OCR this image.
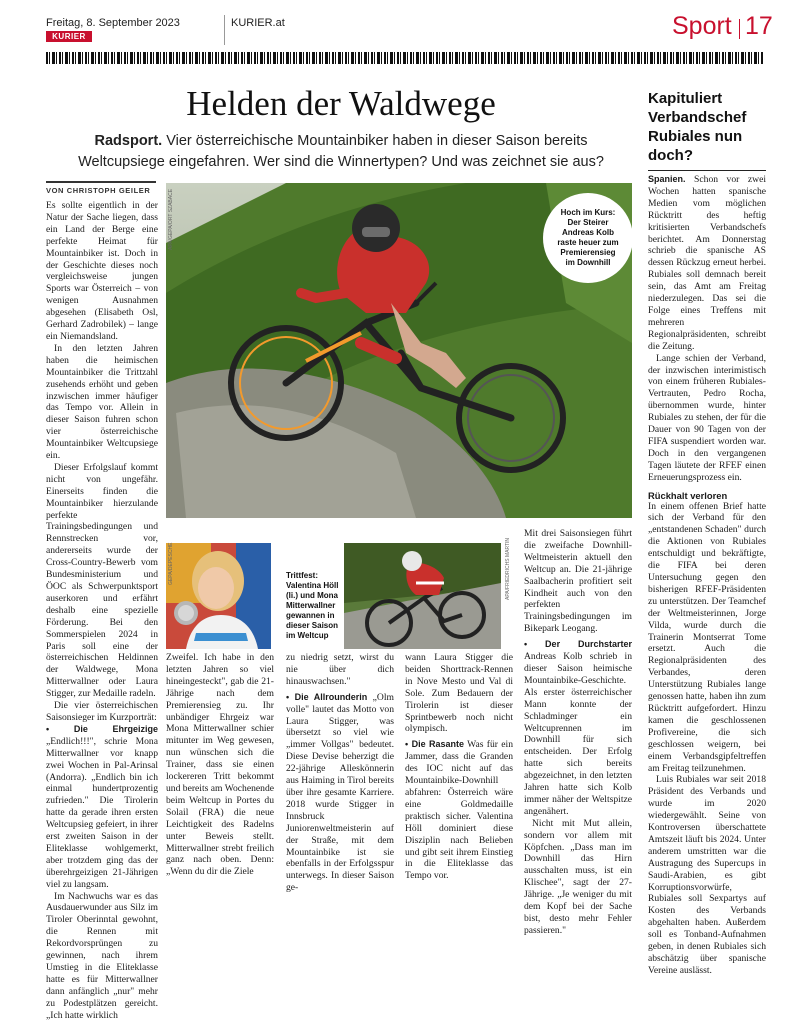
Freitag, 8. September 2023
KURIER
KURIER.at	Sport 17
Helden der Waldwege
Radsport. Vier österreichische Mountainbiker haben in dieser Saison bereits Weltcupsiege eingefahren. Wer sind die Winnertypen? Und was zeichnet sie aus?
VON CHRISTOPH GEILER

Es sollte eigentlich in der Natur der Sache liegen, dass ein Land der Berge eine perfekte Heimat für Mountainbiker ist. Doch in der Geschichte dieses noch vergleichsweise jungen Sports war Österreich – von wenigen Ausnahmen abgesehen (Elisabeth Osl, Gerhard Zadrobilek) – lange ein Niemandsland.

In den letzten Jahren haben die heimischen Mountainbiker die Trittzahl zusehends erhöht und geben inzwischen immer häufiger das Tempo vor. Allein in dieser Saison fuhren schon vier österreichische Mountainbiker Weltcupsiege ein.

Dieser Erfolgslauf kommt nicht von ungefähr. Einerseits finden die Mountainbiker hierzulande perfekte Trainingsbedingungen und Rennstrecken vor, andererseits wurde der Cross-Country-Bewerb vom Bundesministerium und ÖOC als Schwerpunktsport auserkoren und erfährt deshalb eine spezielle Förderung. Bei den Sommerspielen 2024 in Paris soll eine der österreichischen Heldinnen der Waldwege, Mona Mitterwallner oder Laura Stigger, zur Medaille radeln.

Die vier österreichischen Saisonsieger im Kurzporträt:

• Die Ehrgeizige „Endlich!!!", schrie Mona Mitterwallner vor knapp zwei Wochen in Pal-Arinsal (Andorra). „Endlich bin ich einmal hundertprozentig zufrieden." Die Tirolerin hatte da gerade ihren ersten Weltcupsieg gefeiert, in ihrer erst zweiten Saison in der Eliteklasse wohlgemerkt, aber trotzdem ging das der überehrgeizigen 21-Jährigen viel zu langsam.

Im Nachwuchs war es das Ausdauerwunder aus Silz im Tiroler Oberinntal gewohnt, die Rennen mit Rekordvorsprüngen zu gewinnen, nach ihrem Umstieg in die Eliteklasse hatte es für Mitterwallner dann anfänglich „nur" mehr zu Podestplätzen gereicht. „Ich hatte wirklich

APA/GEPA/ORT SZABACE	Hoch im Kurs: Der Steirer Andreas Kolb raste heuer zum Premierensieg im Downhill
GEPA/DEPESCHE	Trittfest: Valentina Höll (li.) und Mona Mitterwallner gewannen in dieser Saison im Weltcup
APA/FRIEDRICHS MARTIN

Zweifel. Ich habe in den letzten Jahren so viel hineingesteckt", gab die 21-Jährige nach dem Premierensieg zu. Ihr unbändiger Ehrgeiz war Mona Mitterwallner schier mitunter im Weg gewesen, nun wünschen sich die Trainer, dass sie einen lockereren Tritt bekommt und bereits am Wochenende beim Weltcup in Portes du Solail (FRA) die neue Leichtigkeit des Radelns unter Beweis stellt. Mitterwallner strebt freilich ganz nach oben. Denn: „Wenn du dir die Ziele

zu niedrig setzt, wirst du nie über dich hinauswachsen."

• Die Allrounderin „Olm volle" lautet das Motto von Laura Stigger, was übersetzt so viel wie „immer Vollgas" bedeutet. Diese Devise beherzigt die 22-jährige Alleskönnerin aus Haiming in Tirol bereits über ihre gesamte Karriere. 2018 wurde Stigger in Innsbruck Juniorenweltmeisterin auf der Straße, mit dem Mountainbike ist sie ebenfalls in der Erfolgsspur unterwegs. In dieser Saison ge-

wann Laura Stigger die beiden Shorttrack-Rennen in Nove Mesto und Val di Sole. Zum Bedauern der Tirolerin ist dieser Sprintbewerb noch nicht olympisch.

• Die Rasante Was für ein Jammer, dass die Granden des IOC nicht auf das Mountainbike-Downhill abfahren: Österreich wäre eine Goldmedaille praktisch sicher. Valentina Höll dominiert diese Disziplin nach Belieben und gibt seit ihrem Einstieg in die Eliteklasse das Tempo vor.

Mit drei Saisonsiegen führt die zweifache Downhill-Weltmeisterin aktuell den Weltcup an. Die 21-jährige Saalbacherin profitiert seit Kindheit auch von den perfekten Trainingsbedingungen im Bikepark Leogang.

• Der Durchstarter Andreas Kolb schrieb in dieser Saison heimische Mountainbike-Geschichte. Als erster österreichischer Mann konnte der Schladminger ein Weltcuprennen im Downhill für sich entscheiden. Der Erfolg hatte sich bereits abgezeichnet, in den letzten Jahren hatte sich Kolb immer näher der Weltspitze angenähert.

Nicht mit Mut allein, sondern vor allem mit Köpfchen. „Dass man im Downhill das Hirn ausschalten muss, ist ein Klischee", sagt der 27-Jährige. „Je weniger du mit dem Kopf bei der Sache bist, desto mehr Fehler passieren."

Kapituliert Verbandschef Rubiales nun doch?

Spanien. Schon vor zwei Wochen hatten spanische Medien vom möglichen Rücktritt des heftig kritisierten Verbandschefs berichtet. Am Donnerstag schrieb die spanische AS dessen Rückzug erneut herbei. Rubiales soll demnach bereit sein, das Amt am Freitag niederzulegen. Das sei die Folge eines Treffens mit mehreren Regionalpräsidenten, schreibt die Zeitung.

Lange schien der Verband, der inzwischen interimistisch von einem früheren Rubiales-Vertrauten, Pedro Rocha, übernommen wurde, hinter Rubiales zu stehen, der für die Dauer von 90 Tagen von der FIFA suspendiert worden war. Doch in den vergangenen Tagen läutete der RFEF einen Erneuerungsprozess ein.

Rückhalt verloren

In einem offenen Brief hatte sich der Verband für den „entstandenen Schaden" durch die Aktionen von Rubiales entschuldigt und bekräftigte, die FIFA bei deren Untersuchung gegen den bisherigen RFEF-Präsidenten zu unterstützen. Der Teamchef der Weltmeisterinnen, Jorge Vilda, wurde durch die Trainerin Montserrat Tome ersetzt. Auch die Regionalpräsidenten des Verbandes, deren Unterstützung Rubiales lange genossen hatte, haben ihn zum Rücktritt aufgefordert. Hinzu kamen die geschlossenen Profivereine, die sich geschlossen weigern, bei einem Verbandsgipfeltreffen am Freitag teilzunehmen.

Luis Rubiales war seit 2018 Präsident des Verbands und wurde im 2020 wiedergewählt. Seine von Kontroversen überschattete Amtszeit läuft bis 2024. Unter anderem umstritten war die Austragung des Supercups in Saudi-Arabien, es gibt Korruptionsvorwürfe, Rubiales soll Sexpartys auf Kosten des Verbands abgehalten haben. Außerdem soll es Tonband-Aufnahmen geben, in denen Rubiales sich abschätzig über spanische Vereine auslässt.
